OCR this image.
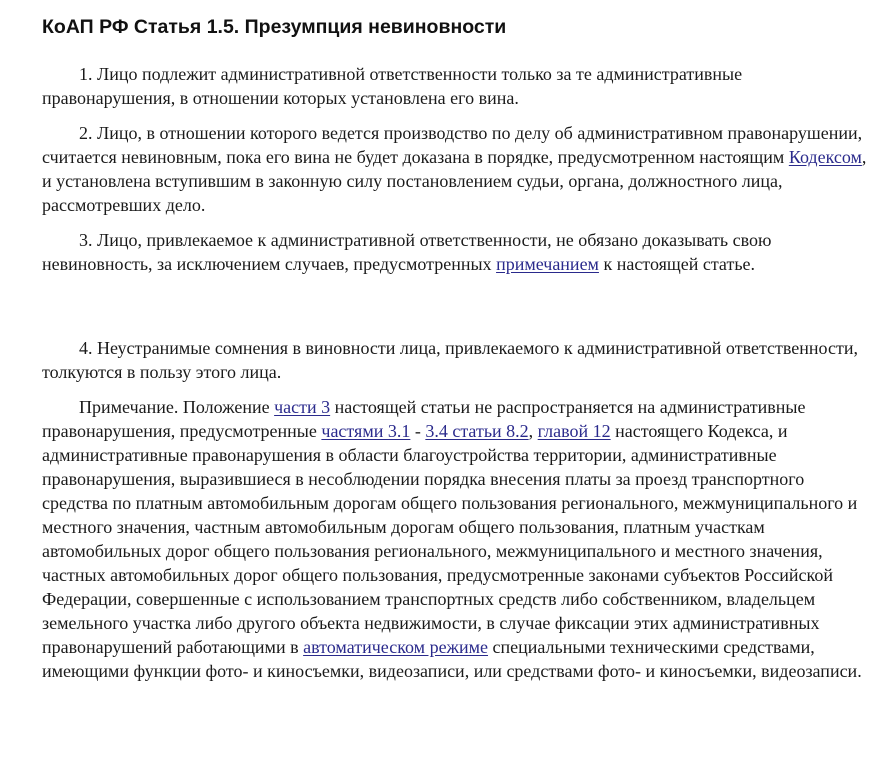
КоАП РФ Статья 1.5. Презумпция невиновности

1. Лицо подлежит административной ответственности только за те административные правонарушения, в отношении которых установлена его вина.

2. Лицо, в отношении которого ведется производство по делу об административном правонарушении, считается невиновным, пока его вина не будет доказана в порядке, предусмотренном настоящим Кодексом, и установлена вступившим в законную силу постановлением судьи, органа, должностного лица, рассмотревших дело.

3. Лицо, привлекаемое к административной ответственности, не обязано доказывать свою невиновность, за исключением случаев, предусмотренных примечанием к настоящей статье.

4. Неустранимые сомнения в виновности лица, привлекаемого к административной ответственности, толкуются в пользу этого лица.

Примечание. Положение части 3 настоящей статьи не распространяется на административные правонарушения, предусмотренные частями 3.1 - 3.4 статьи 8.2, главой 12 настоящего Кодекса, и административные правонарушения в области благоустройства территории, административные правонарушения, выразившиеся в несоблюдении порядка внесения платы за проезд транспортного средства по платным автомобильным дорогам общего пользования регионального, межмуниципального и местного значения, частным автомобильным дорогам общего пользования, платным участкам автомобильных дорог общего пользования регионального, межмуниципального и местного значения, частных автомобильных дорог общего пользования, предусмотренные законами субъектов Российской Федерации, совершенные с использованием транспортных средств либо собственником, владельцем земельного участка либо другого объекта недвижимости, в случае фиксации этих административных правонарушений работающими в автоматическом режиме специальными техническими средствами, имеющими функции фото- и киносъемки, видеозаписи, или средствами фото- и киносъемки, видеозаписи.
